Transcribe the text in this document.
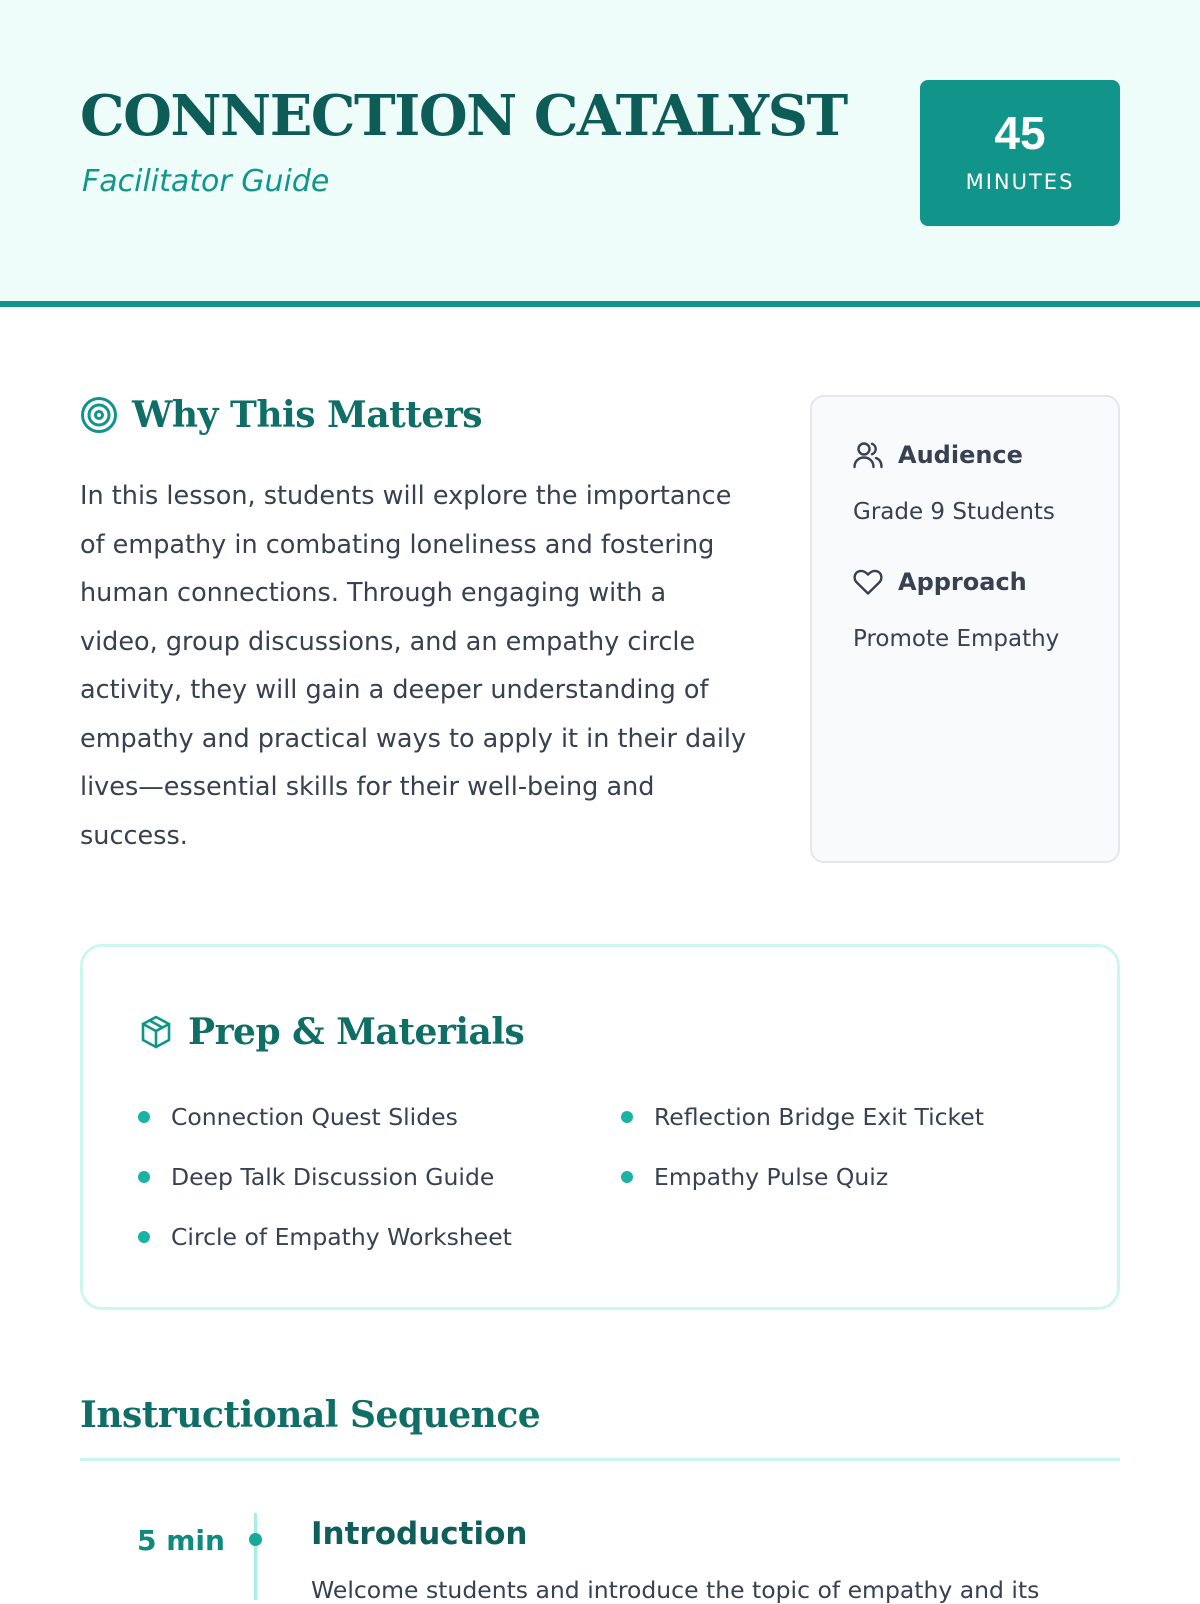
CONNECTION CATALYST
Facilitator Guide
45
MINUTES
Why This Matters

In this lesson, students will explore the importance of empathy in combating loneliness and fostering human connections. Through engaging with a video, group discussions, and an empathy circle activity, they will gain a deeper understanding of empathy and practical ways to apply it in their daily lives—essential skills for their well-being and success.

Audience
Grade 9 Students
Approach
Promote Empathy
Prep & Materials
Connection Quest Slides
Deep Talk Discussion Guide
Circle of Empathy Worksheet
Reflection Bridge Exit Ticket
Empathy Pulse Quiz
Instructional Sequence
5 min	Introduction
Welcome students and introduce the topic of empathy and its
